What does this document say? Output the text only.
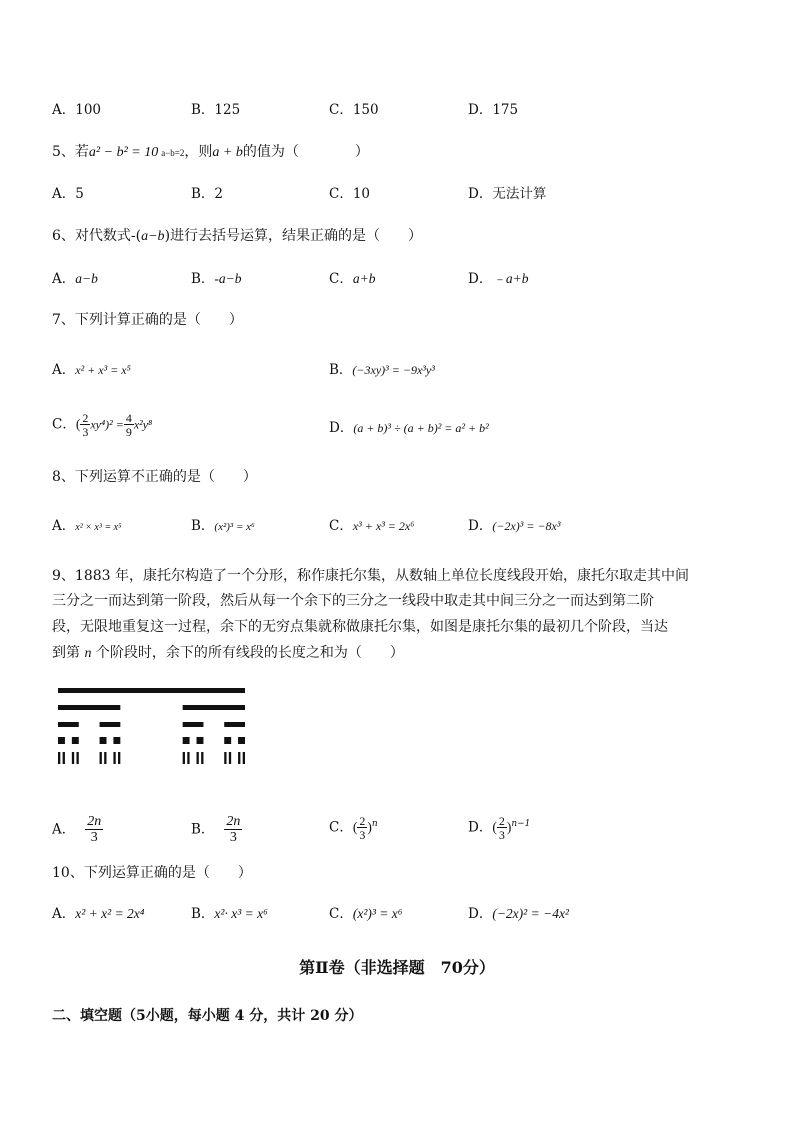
A．100	B．125	C．150	D．175
5、若a² − b² = 10 a−b=2，则a + b的值为（　　　　）
A．5	B．2	C．10	D．无法计算
6、对代数式-(a−b)进行去括号运算，结果正确的是（　　）
A．a−b	B．-a−b	C．a+b	D．﹣a+b
7、下列计算正确的是（　　）
A．x² + x³ = x⁵	B．(−3xy)³ = −9x³y³
C．( $\frac{2}{3} xy^4)^2 = \frac{4}{9} x^2y^8$	D．(a + b)³ ÷ (a + b)² = a² + b²
8、下列运算不正确的是（　　）
A．x² × x³ = x⁵	B．(x²)³ = x⁶	C．x³ + x³ = 2x⁶	D．(−2x)³ = −8x³
9、1883 年，康托尔构造了一个分形，称作康托尔集，从数轴上单位长度线段开始，康托尔取走其中间
三分之一而达到第一阶段，然后从每一个余下的三分之一线段中取走其中间三分之一而达到第二阶
段，无限地重复这一过程，余下的无穷点集就称做康托尔集，如图是康托尔集的最初几个阶段，当达
到第 n 个阶段时，余下的所有线段的长度之和为（　　）
A． $\frac{2n}{3}$	B． $\frac{2n}{3}$	C．( $\frac{2}{3} )^n$	D．( $\frac{2}{3} )^{n-1}$
10、下列运算正确的是（　　）
A．x² + x² = 2x⁴	B．x²· x³ = x⁶	C．(x²)³ = x⁶	D．(−2x)² = −4x²
第Ⅱ卷（非选择题　70分）
二、填空题（5小题，每小题 4 分，共计 20 分）
